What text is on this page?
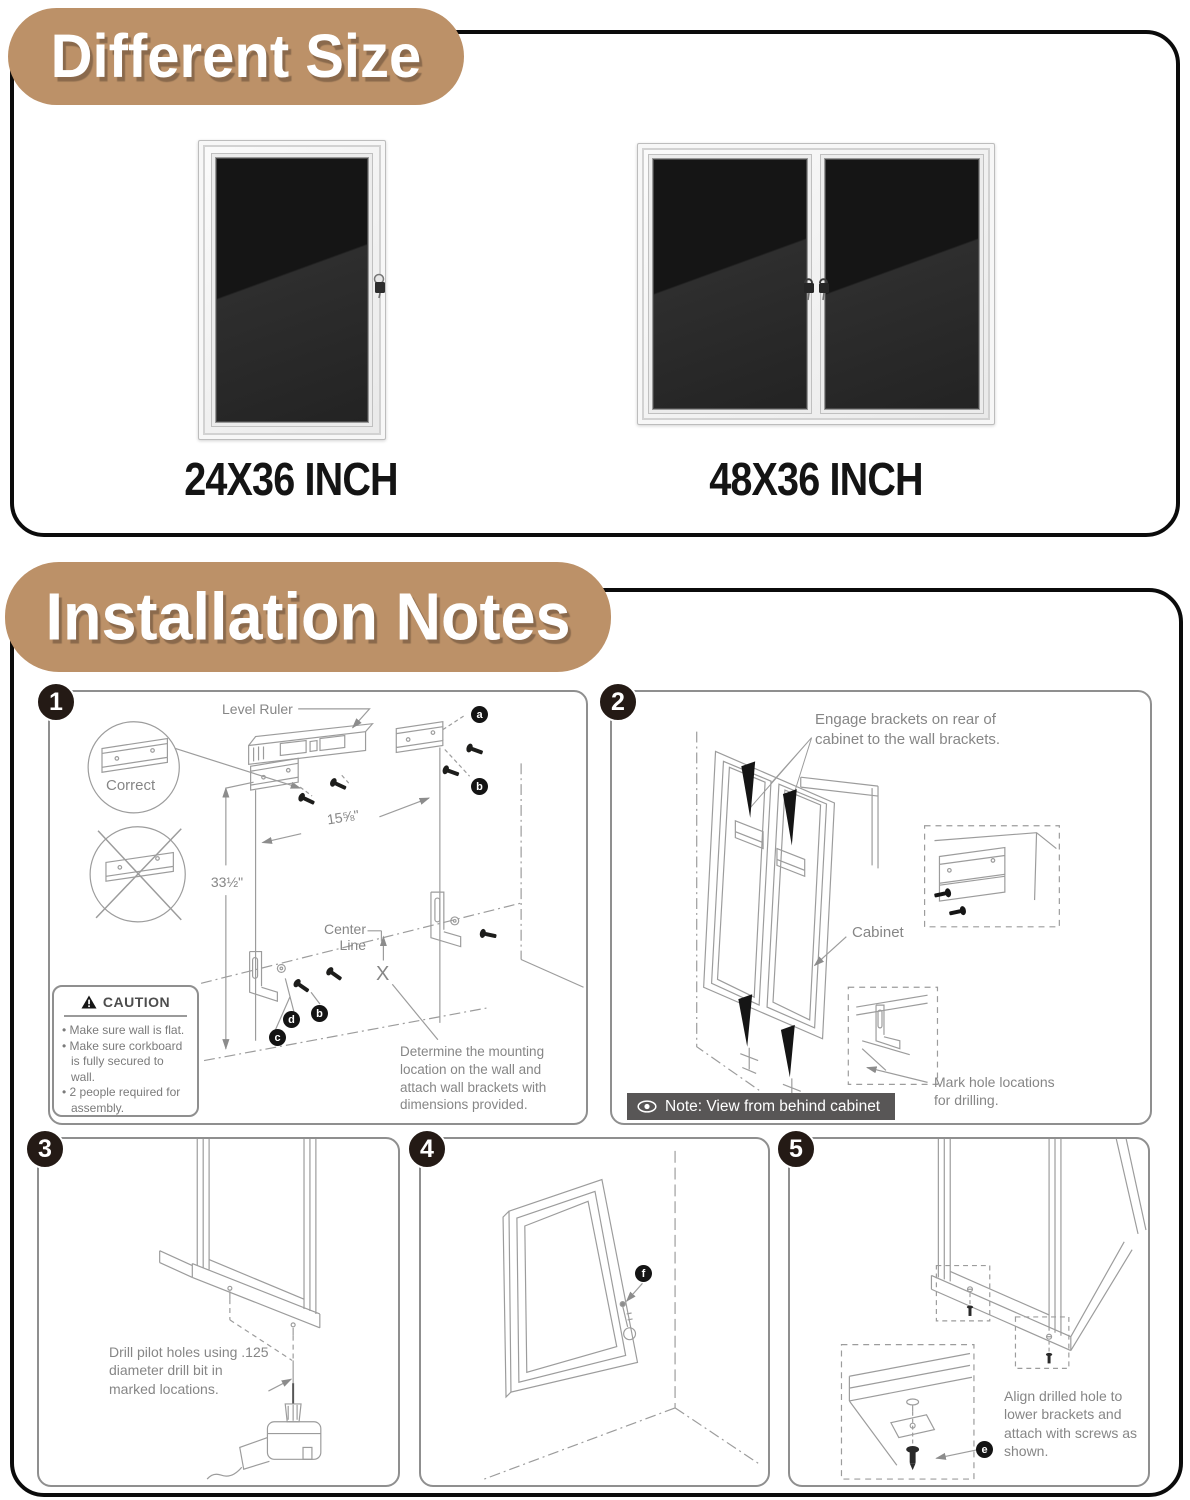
Different Size
24X36 INCH	48X36 INCH
Installation Notes
1	Level Ruler
Correct
15⅝"
33½"
Center
Line
X
a
b
c
d	b
CAUTION
• Make sure wall is flat.
• Make sure corkboard is fully secured to wall.
• 2 people required for assembly.
Determine the mounting location on the wall and attach wall brackets with dimensions provided.
2
Engage brackets on rear of cabinet to the wall brackets.
Cabinet
Mark hole locations for drilling.
Note: View from behind cabinet
3
Drill pilot holes using .125 diameter drill bit in marked locations.
4
f
5
Align drilled hole to lower brackets and attach with screws as shown.
e
